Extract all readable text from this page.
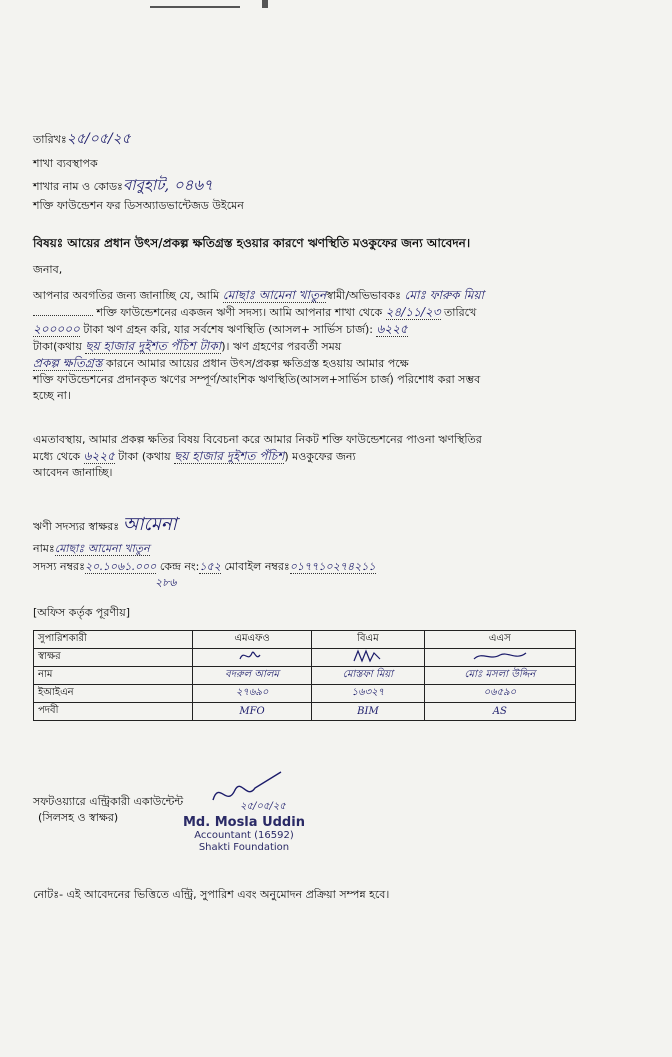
তারিখঃ২৫/০৫/২৫
শাখা ব্যবস্থাপক
শাখার নাম ও কোডঃবাবুহাট, ০৪৬৭
শক্তি ফাউন্ডেশন ফর ডিসঅ্যাডভান্টেজড উইমেন
বিষয়ঃ আয়ের প্রধান উৎস/প্রকল্প ক্ষতিগ্রস্ত হওয়ার কারণে ঋণস্থিতি মওকুফের জন্য আবেদন।
জনাব,
আপনার অবগতির জন্য জানাচ্ছি যে, আমি মোছাঃ আমেনা খাতুনস্বামী/অভিভাবকঃ মোঃ ফারুক মিয়া
শক্তি ফাউন্ডেশনের একজন ঋণী সদস্য। আমি আপনার শাখা থেকে ২৪/১১/২৩ তারিখে
২০০০০০ টাকা ঋণ গ্রহন করি, যার সর্বশেষ ঋণস্থিতি (আসল+ সার্ভিস চার্জ): ৬২২৫
টাকা(কথায় ছয় হাজার দুইশত পঁচিশ টাকা)। ঋণ গ্রহণের পরবর্তী সময়
প্রকল্প ক্ষতিগ্রস্ত কারনে আমার আয়ের প্রধান উৎস/প্রকল্প ক্ষতিগ্রস্ত হওয়ায় আমার পক্ষে
শক্তি ফাউন্ডেশনের প্রদানকৃত ঋণের সম্পূর্ণ/আংশিক ঋণস্থিতি(আসল+সার্ভিস চার্জ) পরিশোধ করা সম্ভব
হচ্ছে না।
এমতাবস্থায়, আমার প্রকল্প ক্ষতির বিষয় বিবেচনা করে আমার নিকট শক্তি ফাউন্ডেশনের পাওনা ঋণস্থিতির
মধ্যে থেকে ৬২২৫ টাকা (কথায় ছয় হাজার দুইশত পঁচিশ) মওকুফের জন্য
আবেদন জানাচ্ছি।
ঋণী সদস্যর স্বাক্ষরঃ আমেনা
নামঃমোছাঃ আমেনা খাতুন
সদস্য নম্বরঃ২০.১০৬১.০০০ কেন্দ্র নং:১৫২ মোবাইল নম্বরঃ০১৭৭১০২৭৪২১১
২৮৬
[অফিস কর্তৃক পূরণীয়]
সুপারিশকারী	এমএফও	বিএম	এএস
স্বাক্ষর			
নাম	বদরুল আলম	মোস্তফা মিয়া	মোঃ মসলা উদ্দিন
ইআইএন	২৭৬৯০	১৬৩২৭	০৬৫৯০
পদবী	MFO	BIM	AS
সফটওয়্যারে এন্ট্রিকারী একাউন্টেন্ট
(সিলসহ ও স্বাক্ষর)
২৫/০৫/২৫
Md. Mosla Uddin
Accountant (16592)
Shakti Foundation
নোটঃ- এই আবেদনের ভিত্তিতে এন্ট্রি, সুপারিশ এবং অনুমোদন প্রক্রিয়া সম্পন্ন হবে।
